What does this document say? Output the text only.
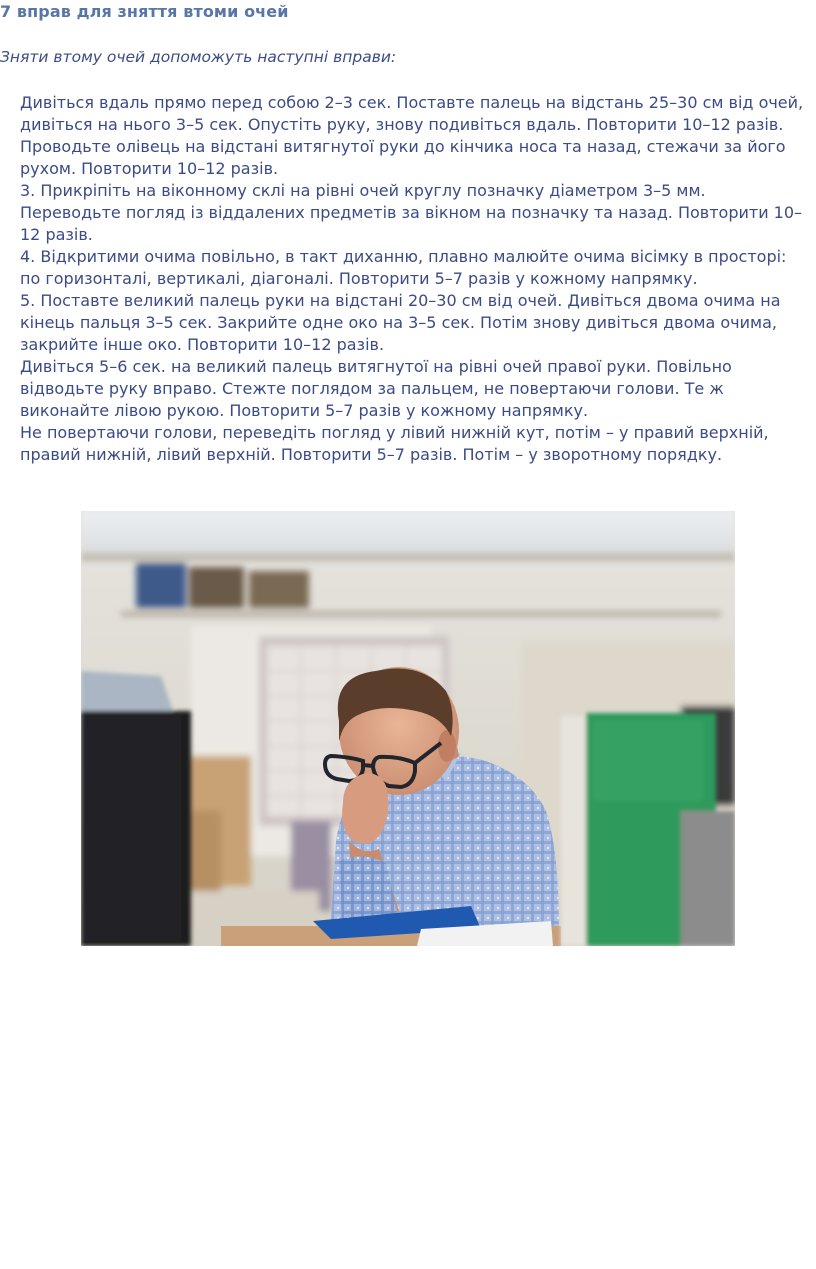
7 вправ для зняття втоми очей

Зняти втому очей допоможуть наступні вправи:

Дивіться вдаль прямо перед собою 2–3 сек. Поставте палець на відстань 25–30 см від очей, дивіться на нього 3–5 сек. Опустіть руку, знову подивіться вдаль. Повторити 10–12 разів.
Проводьте олівець на відстані витягнутої руки до кінчика носа та назад, стежачи за його рухом. Повторити 10–12 разів.
3. Прикріпіть на віконному склі на рівні очей круглу позначку діаметром 3–5 мм. Переводьте погляд із віддалених предметів за вікном на позначку та назад. Повторити 10–12 разів.
4. Відкритими очима повільно, в такт диханню, плавно малюйте очима вісімку в просторі: по горизонталі, вертикалі, діагоналі. Повторити 5–7 разів у кожному напрямку.
5. Поставте великий палець руки на відстані 20–30 см від очей. Дивіться двома очима на кінець пальця 3–5 сек. Закрийте одне око на 3–5 сек. Потім знову дивіться двома очима, закрийте інше око. Повторити 10–12 разів.
Дивіться 5–6 сек. на великий палець витягнутої на рівні очей правої руки. Повільно відводьте руку вправо. Стежте поглядом за пальцем, не повертаючи голови. Те ж виконайте лівою рукою. Повторити 5–7 разів у кожному напрямку.
Не повертаючи голови, переведіть погляд у лівий нижній кут, потім – у правий верхній, правий нижній, лівий верхній. Повторити 5–7 разів. Потім – у зворотному порядку.
